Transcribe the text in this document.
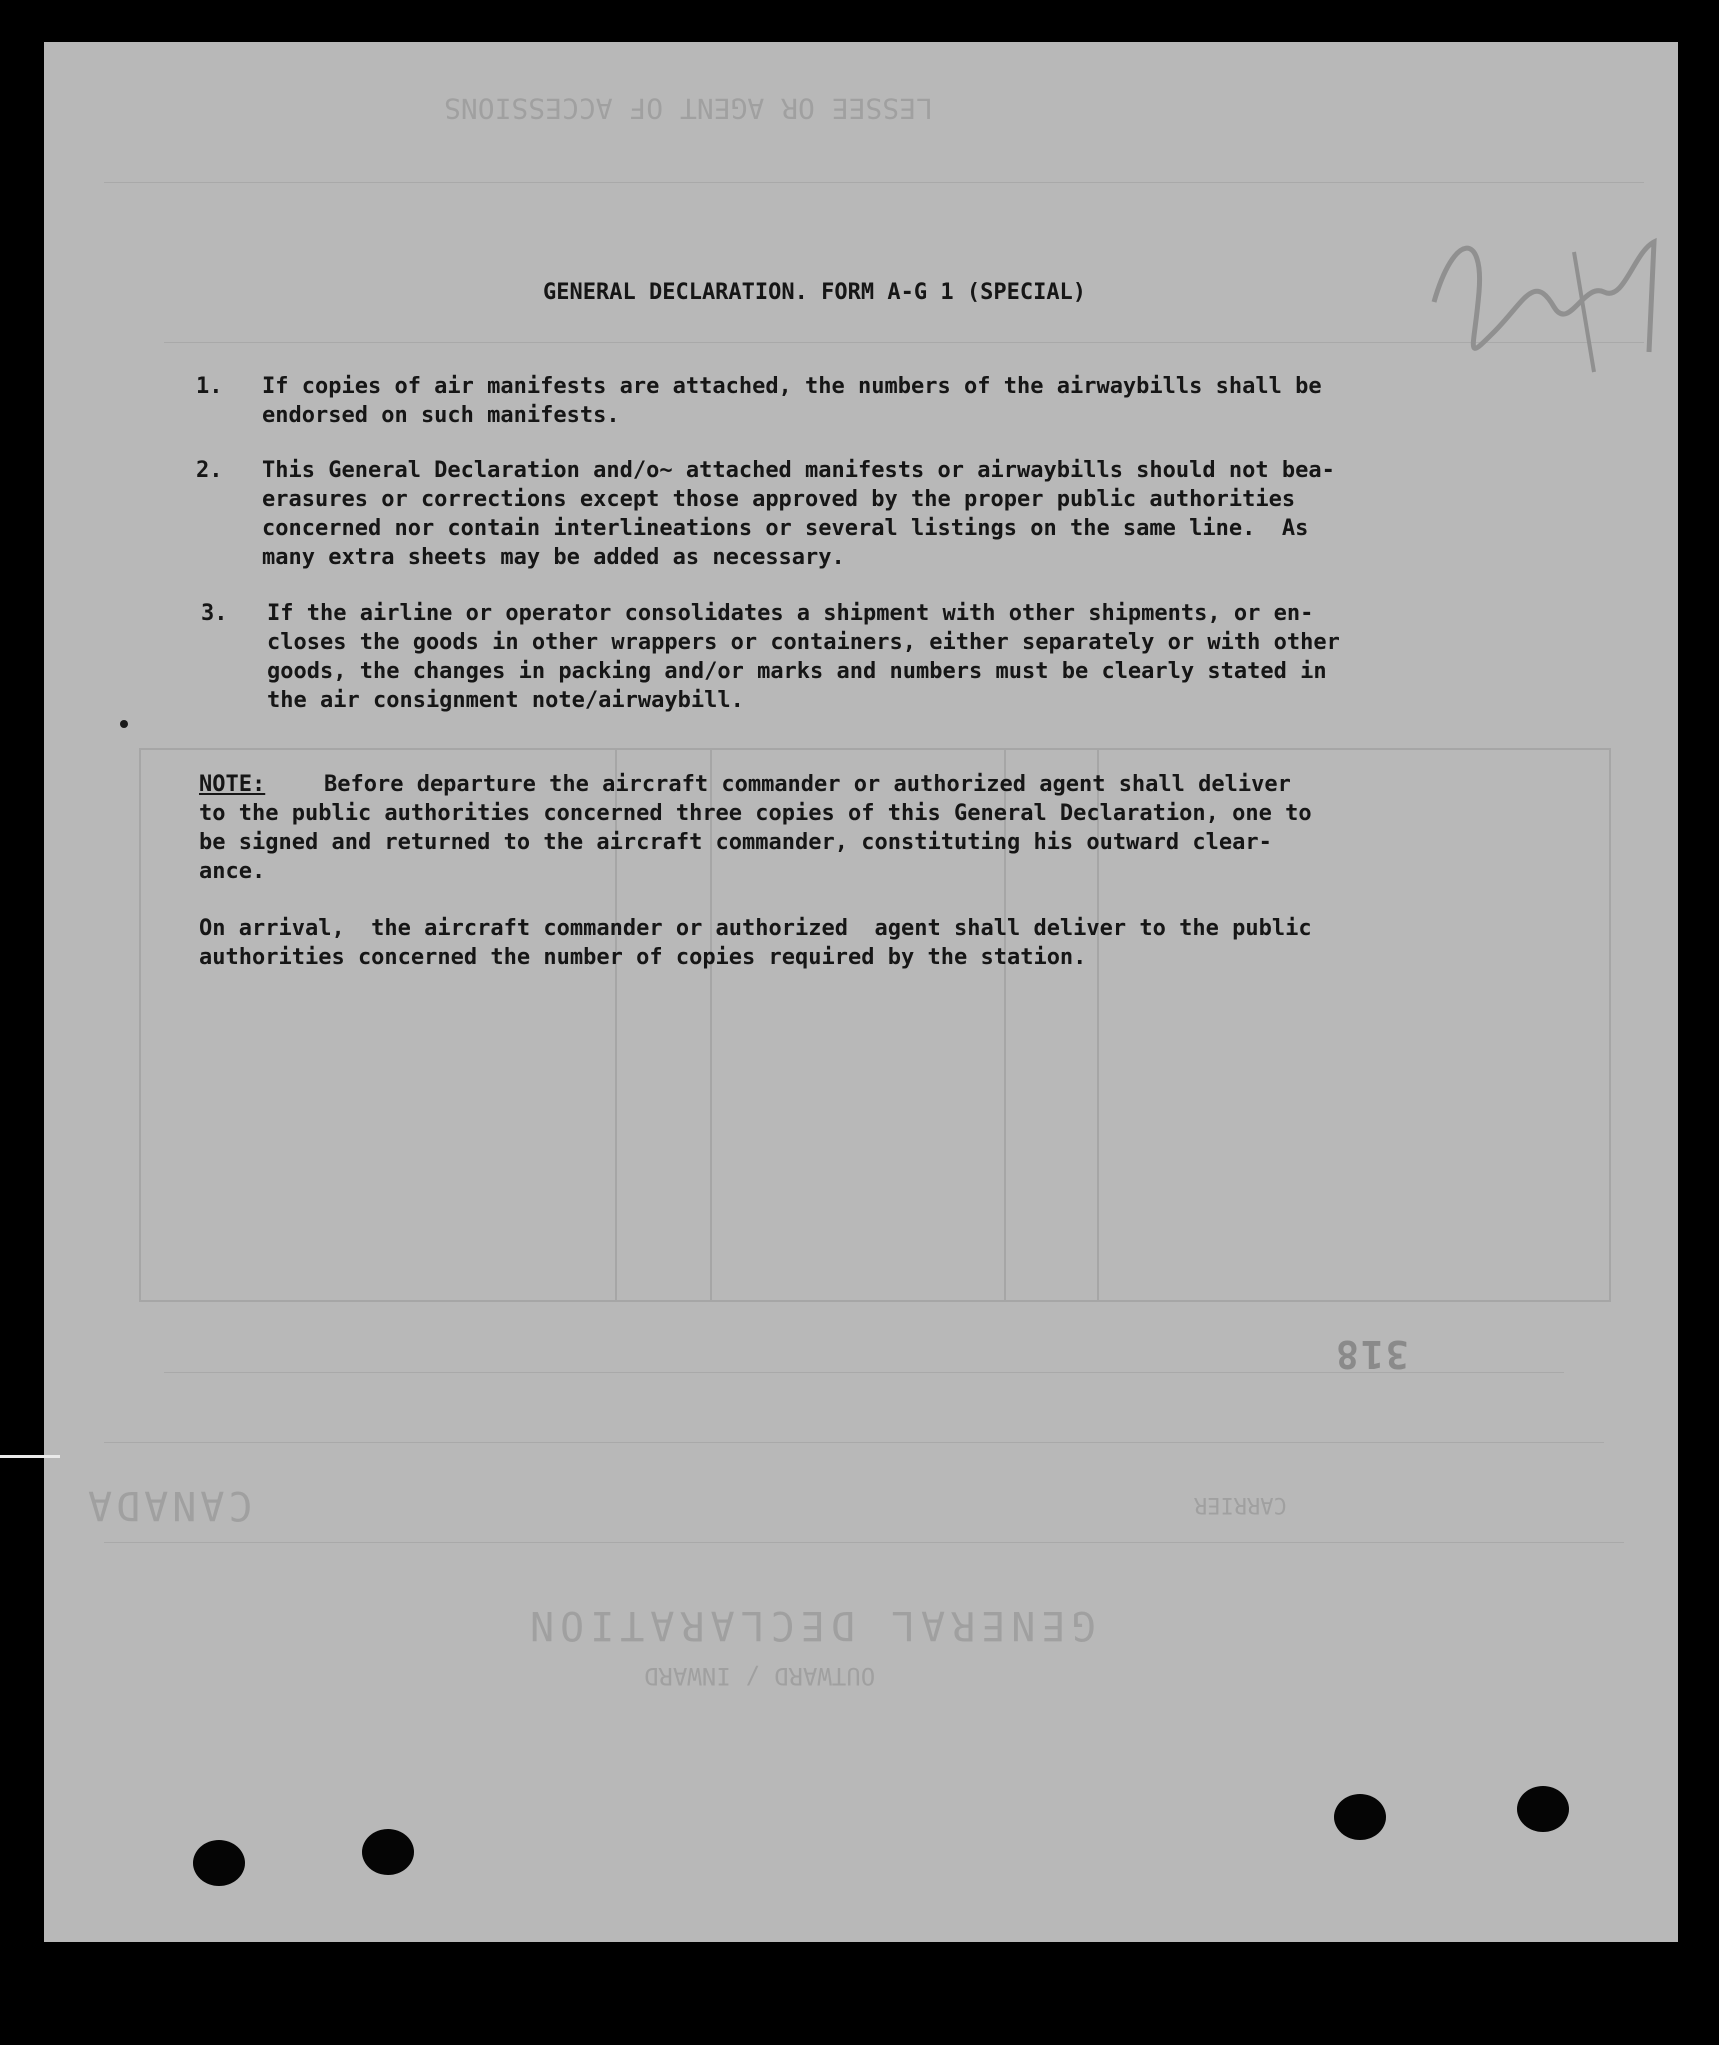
LESSEE OR AGENT OF ACCESSIONS
GENERAL DECLARATION
OUTWARD / INWARD
CARRIER
CANADA
GENERAL DECLARATION. FORM A-G 1 (SPECIAL)
1. If copies of air manifests are attached, the numbers of the airwaybills shall be
endorsed on such manifests.
2. This General Declaration and/o~ attached manifests or airwaybills should not bea-
erasures or corrections except those approved by the proper public authorities
concerned nor contain interlineations or several listings on the same line.  As
many extra sheets may be added as necessary.
3. If the airline or operator consolidates a shipment with other shipments, or en-
closes the goods in other wrappers or containers, either separately or with other
goods, the changes in packing and/or marks and numbers must be clearly stated in
the air consignment note/airwaybill.
NOTE: Before departure the aircraft commander or authorized agent shall deliver
to the public authorities concerned three copies of this General Declaration, one to
be signed and returned to the aircraft commander, constituting his outward clear-
ance.
On arrival,  the aircraft commander or authorized  agent shall deliver to the public
authorities concerned the number of copies required by the station.
318
